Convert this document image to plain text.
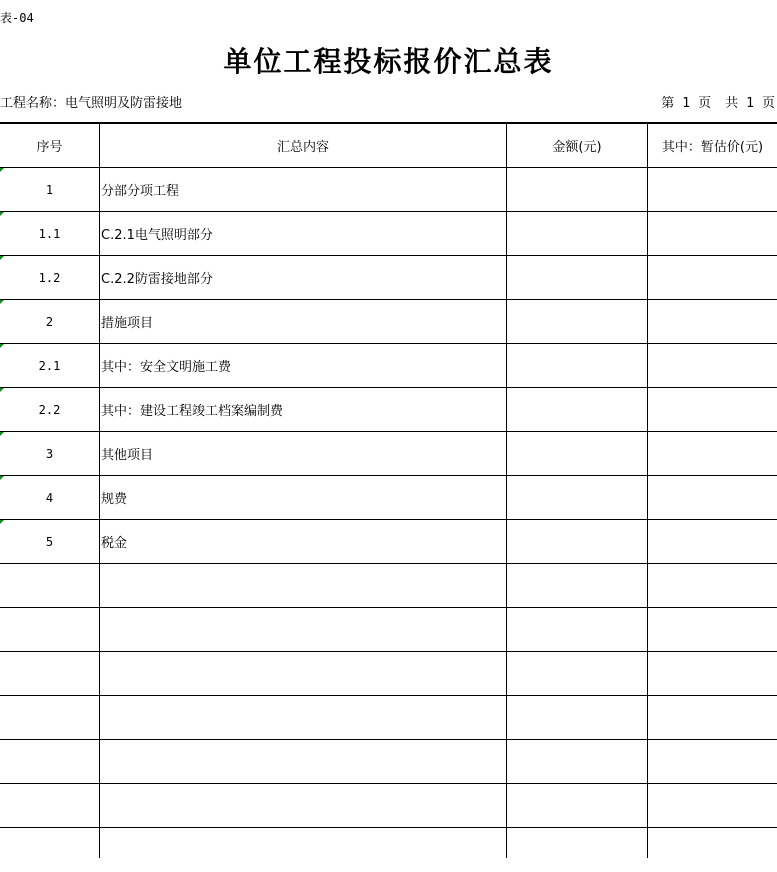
表-04
单位工程投标报价汇总表
工程名称：电气照明及防雷接地	第 1 页 共 1 页
序号	汇总内容	金额(元)	其中：暂估价(元)
1	分部分项工程
1.1	C.2.1电气照明部分
1.2	C.2.2防雷接地部分
2	措施项目
2.1	其中：安全文明施工费
2.2	其中：建设工程竣工档案编制费
3	其他项目
4	规费
5	税金
